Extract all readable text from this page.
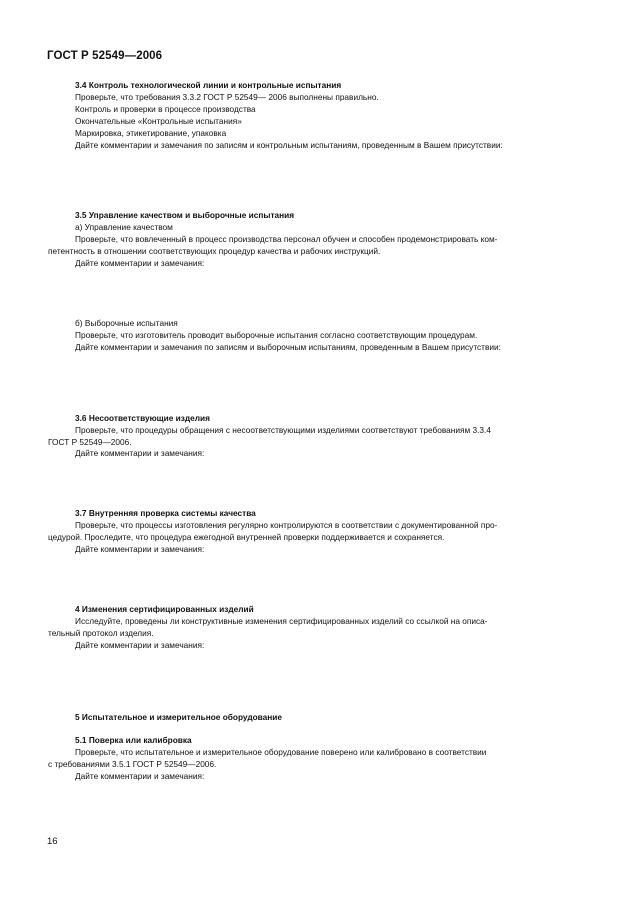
ГОСТ Р 52549—2006
3.4 Контроль технологической линии и контрольные испытания
Проверьте, что требования 3.3.2 ГОСТ Р 52549— 2006 выполнены правильно.
Контроль и проверки в процессе производства
Окончательные «Контрольные испытания»
Маркировка, этикетирование, упаковка
Дайте комментарии и замечания по записям и контрольным испытаниям, проведенным в Вашем присутствии:
3.5 Управление качеством и выборочные испытания
а) Управление качеством
Проверьте, что вовлеченный в процесс производства персонал обучен и способен продемонстрировать ком-
петентность в отношении соответствующих процедур качества и рабочих инструкций.
Дайте комментарии и замечания:
б) Выборочные испытания
Проверьте, что изготовитель проводит выборочные испытания согласно соответствующим процедурам.
Дайте комментарии и замечания по записям и выборочным испытаниям, проведенным в Вашем присутствии:
3.6 Несоответствующие изделия
Проверьте, что процедуры обращения с несоответствующими изделиями соответствуют требованиям 3.3.4
ГОСТ Р 52549—2006.
Дайте комментарии и замечания:
3.7 Внутренняя проверка системы качества
Проверьте, что процессы изготовления регулярно контролируются в соответствии с документированной про-
цедурой. Проследите, что процедура ежегодной внутренней проверки поддерживается и сохраняется.
Дайте комментарии и замечания:
4 Изменения сертифицированных изделий
Исследуйте, проведены ли конструктивные изменения сертифицированных изделий со ссылкой на описа-
тельный протокол изделия.
Дайте комментарии и замечания:
5 Испытательное и измерительное оборудование
5.1 Поверка или калибровка
Проверьте, что испытательное и измерительное оборудование поверено или калибровано в соответствии
с требованиями 3.5.1 ГОСТ Р 52549—2006.
Дайте комментарии и замечания:
16
